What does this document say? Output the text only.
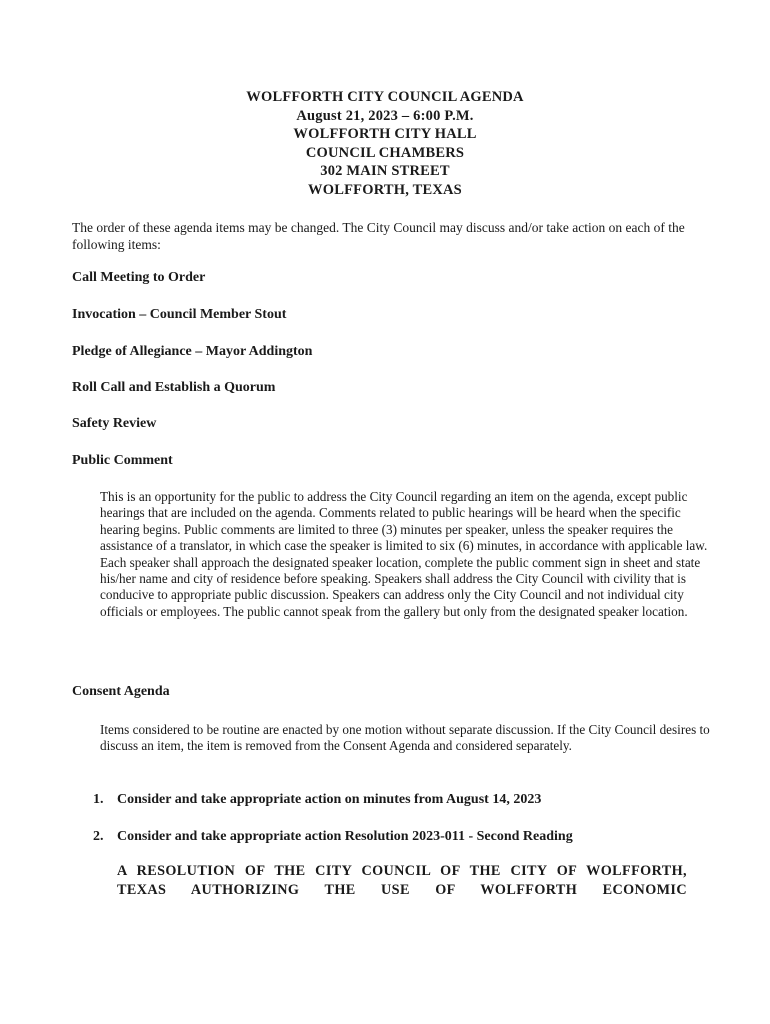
WOLFFORTH CITY COUNCIL AGENDA
August 21, 2023 – 6:00 P.M.
WOLFFORTH CITY HALL
COUNCIL CHAMBERS
302 MAIN STREET
WOLFFORTH, TEXAS

The order of these agenda items may be changed. The City Council may discuss and/or take action on each of the following items:

Call Meeting to Order

Invocation – Council Member Stout

Pledge of Allegiance – Mayor Addington

Roll Call and Establish a Quorum

Safety Review

Public Comment

This is an opportunity for the public to address the City Council regarding an item on the agenda, except public hearings that are included on the agenda. Comments related to public hearings will be heard when the specific hearing begins. Public comments are limited to three (3) minutes per speaker, unless the speaker requires the assistance of a translator, in which case the speaker is limited to six (6) minutes, in accordance with applicable law. Each speaker shall approach the designated speaker location, complete the public comment sign in sheet and state his/her name and city of residence before speaking. Speakers shall address the City Council with civility that is conducive to appropriate public discussion. Speakers can address only the City Council and not individual city officials or employees. The public cannot speak from the gallery but only from the designated speaker location.

Consent Agenda

Items considered to be routine are enacted by one motion without separate discussion. If the City Council desires to discuss an item, the item is removed from the Consent Agenda and considered separately.

1. Consider and take appropriate action on minutes from August 14, 2023

2. Consider and take appropriate action Resolution 2023-011 - Second Reading

A RESOLUTION OF THE CITY COUNCIL OF THE CITY OF WOLFFORTH,
TEXAS AUTHORIZING THE USE OF WOLFFORTH ECONOMIC
